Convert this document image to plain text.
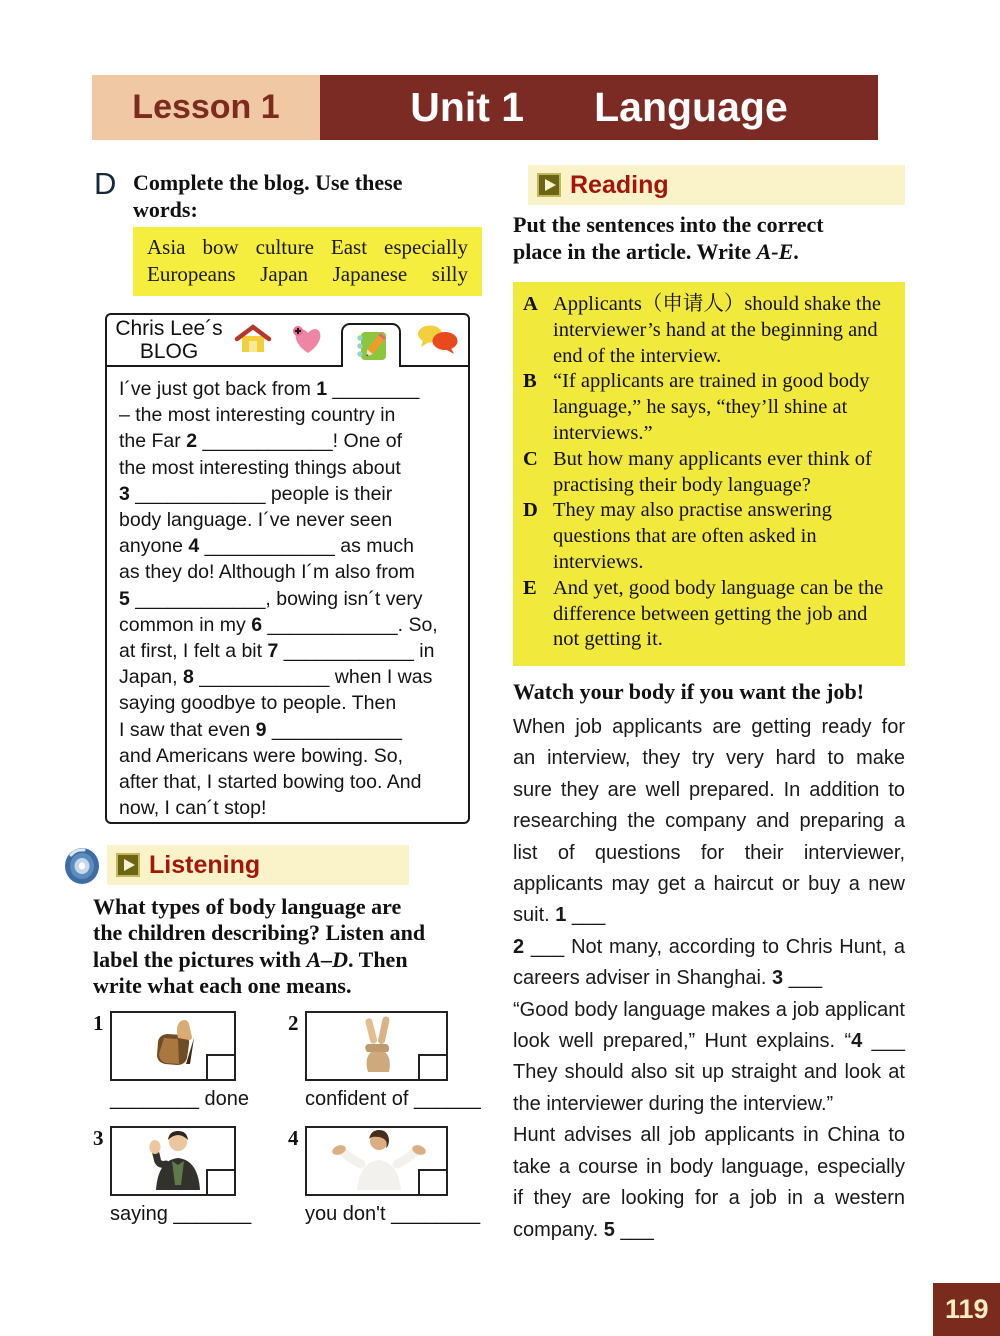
Lesson 1	Unit 1 Language
D Complete the blog. Use these
words:
Asia bow culture East especially
Europeans Japan Japanese silly
Chris Lee´s
BLOG
I´ve just got back from 1 ________
– the most interesting country in
the Far 2 ____________! One of
the most interesting things about
3 ____________ people is their
body language. I´ve never seen
anyone 4 ____________ as much
as they do! Although I´m also from
5 ____________, bowing isn´t very
common in my 6 ____________. So,
at first, I felt a bit 7 ____________ in
Japan, 8 ____________ when I was
saying goodbye to people. Then
I saw that even 9 ____________
and Americans were bowing. So,
after that, I started bowing too. And
now, I can´t stop!
Listening
What types of body language are
the children describing? Listen and
label the pictures with A–D. Then
write what each one means.
1
________ done
2
confident of ______
3
saying _______
4
you don't ________
Reading
Put the sentences into the correct
place in the article. Write A-E.
A Applicants（申请人）should shake the interviewer’s hand at the beginning and end of the interview.
B “If applicants are trained in good body language,” he says, “they’ll shine at interviews.”
C But how many applicants ever think of practising their body language?
D They may also practise answering questions that are often asked in interviews.
E And yet, good body language can be the difference between getting the job and not getting it.
Watch your body if you want the job!
When job applicants are getting ready for an interview, they try very hard to make sure they are well prepared. In addition to researching the company and preparing a list of questions for their interviewer, applicants may get a haircut or buy a new suit. 1 ___
2 ___ Not many, according to Chris Hunt, a careers adviser in Shanghai. 3 ___
“Good body language makes a job applicant look well prepared,” Hunt explains. “4 ___ They should also sit up straight and look at the interviewer during the interview.”
Hunt advises all job applicants in China to take a course in body language, especially if they are looking for a job in a western company. 5 ___
119
